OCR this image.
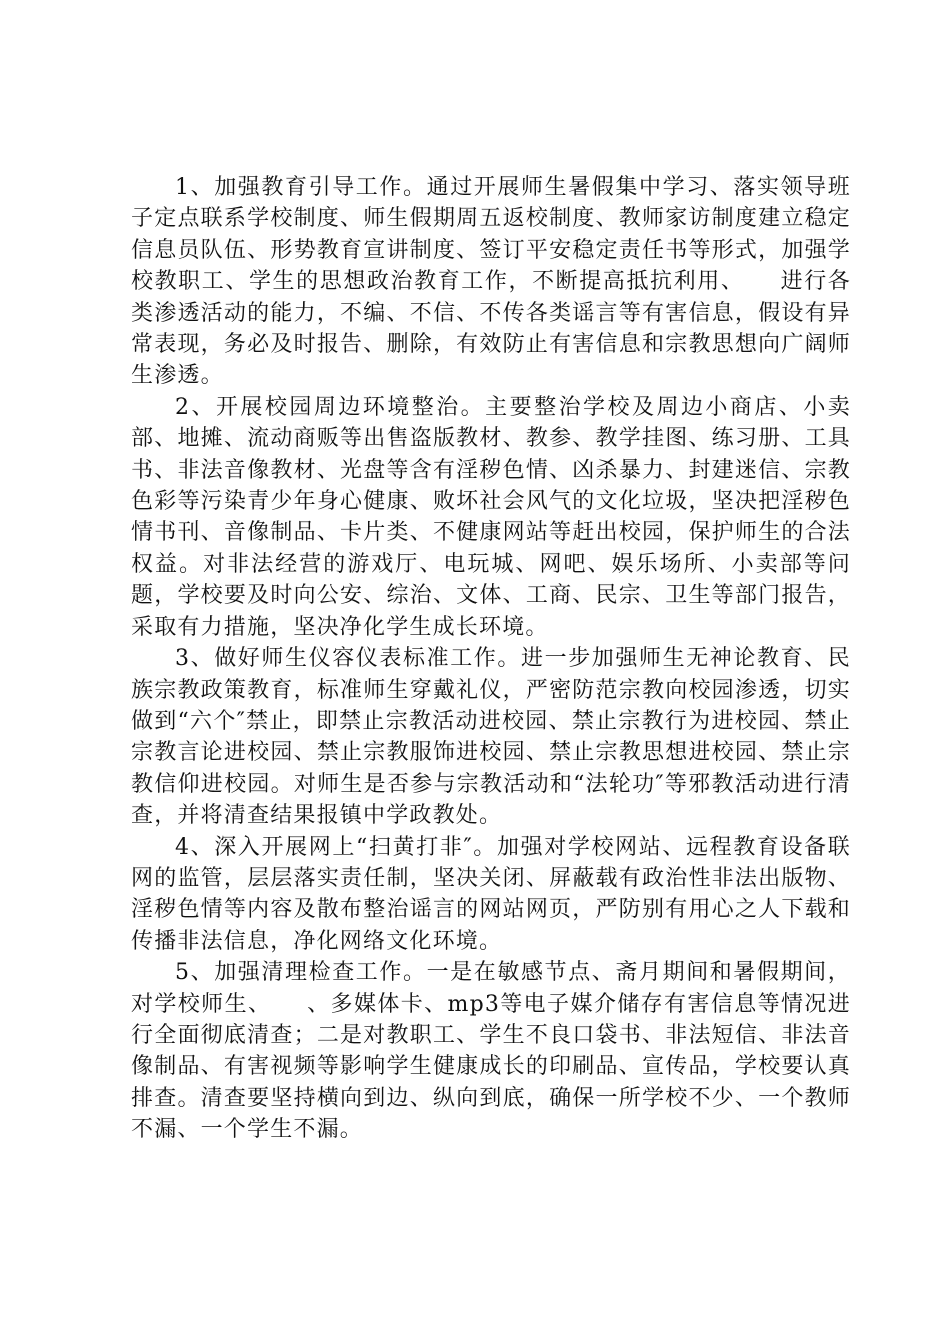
1、加强教育引导工作。通过开展师生暑假集中学习、落实领导班子定点联系学校制度、师生假期周五返校制度、教师家访制度建立稳定信息员队伍、形势教育宣讲制度、签订平安稳定责任书等形式，加强学校教职工、学生的思想政治教育工作，不断提高抵抗利用、　　进行各类渗透活动的能力，不编、不信、不传各类谣言等有害信息，假设有异常表现，务必及时报告、删除，有效防止有害信息和宗教思想向广阔师生渗透。

2、开展校园周边环境整治。主要整治学校及周边小商店、小卖部、地摊、流动商贩等出售盗版教材、教参、教学挂图、练习册、工具书、非法音像教材、光盘等含有淫秽色情、凶杀暴力、封建迷信、宗教色彩等污染青少年身心健康、败坏社会风气的文化垃圾，坚决把淫秽色情书刊、音像制品、卡片类、不健康网站等赶出校园，保护师生的合法权益。对非法经营的游戏厅、电玩城、网吧、娱乐场所、小卖部等问题，学校要及时向公安、综治、文体、工商、民宗、卫生等部门报告，采取有力措施，坚决净化学生成长环境。

3、做好师生仪容仪表标准工作。进一步加强师生无神论教育、民族宗教政策教育，标准师生穿戴礼仪，严密防范宗教向校园渗透，切实做到“六个″禁止，即禁止宗教活动进校园、禁止宗教行为进校园、禁止宗教言论进校园、禁止宗教服饰进校园、禁止宗教思想进校园、禁止宗教信仰进校园。对师生是否参与宗教活动和“法轮功″等邪教活动进行清查，并将清查结果报镇中学政教处。

4、深入开展网上“扫黄打非″。加强对学校网站、远程教育设备联网的监管，层层落实责任制，坚决关闭、屏蔽载有政治性非法出版物、淫秽色情等内容及散布整治谣言的网站网页，严防别有用心之人下载和传播非法信息，净化网络文化环境。

5、加强清理检查工作。一是在敏感节点、斋月期间和暑假期间，对学校师生、　　、多媒体卡、mp3等电子媒介储存有害信息等情况进行全面彻底清查；二是对教职工、学生不良口袋书、非法短信、非法音像制品、有害视频等影响学生健康成长的印刷品、宣传品，学校要认真排查。清查要坚持横向到边、纵向到底，确保一所学校不少、一个教师不漏、一个学生不漏。
